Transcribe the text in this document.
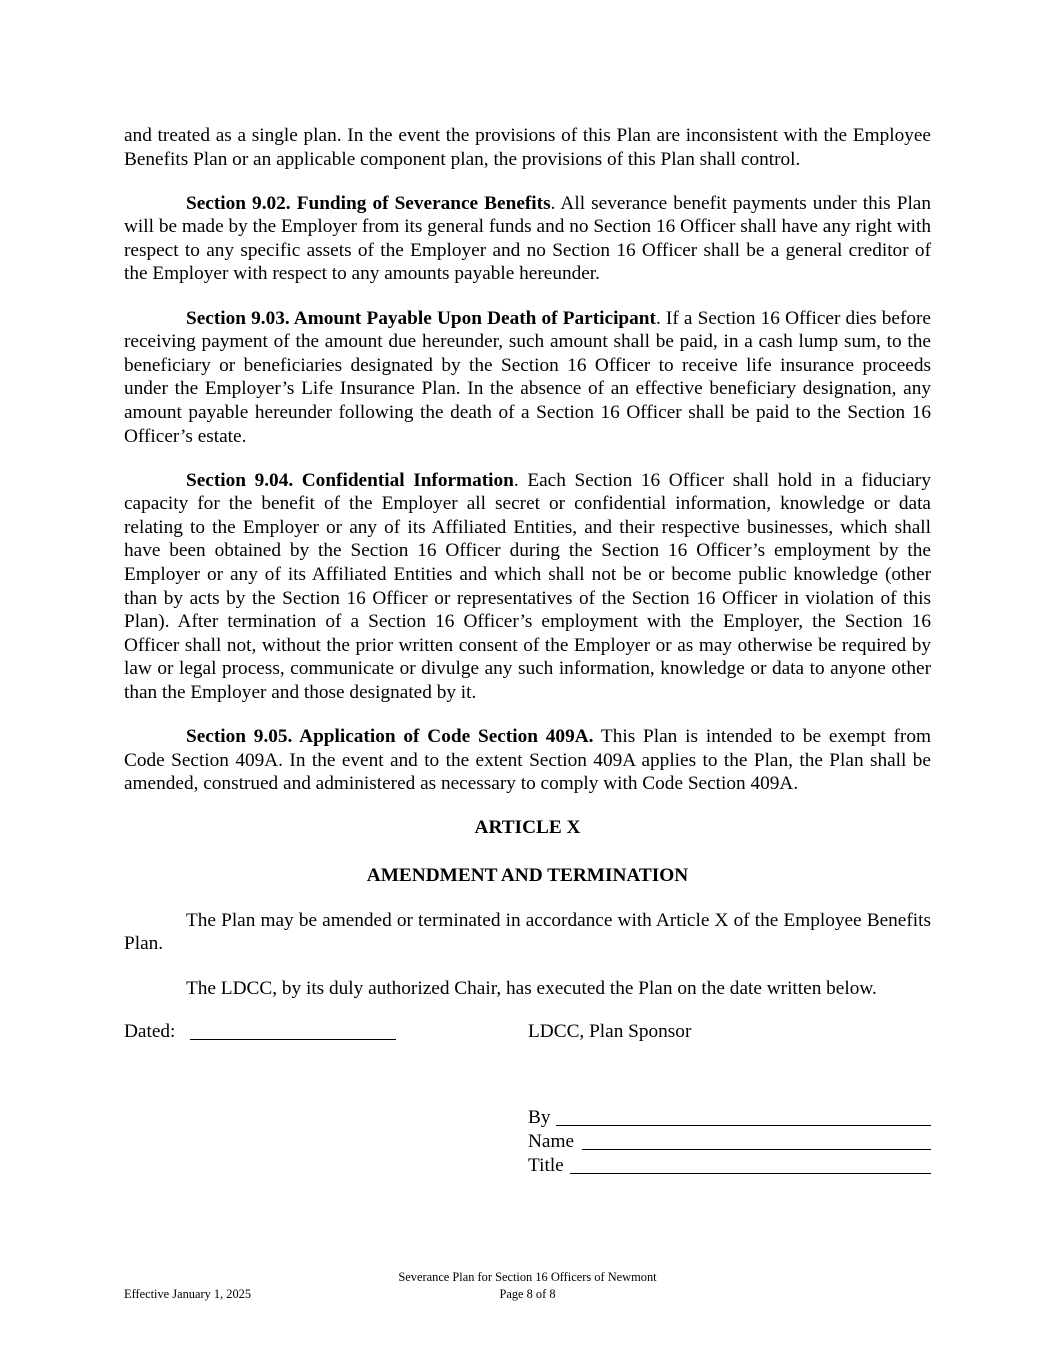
and treated as a single plan. In the event the provisions of this Plan are inconsistent with the Employee Benefits Plan or an applicable component plan, the provisions of this Plan shall control.

Section 9.02. Funding of Severance Benefits. All severance benefit payments under this Plan will be made by the Employer from its general funds and no Section 16 Officer shall have any right with respect to any specific assets of the Employer and no Section 16 Officer shall be a general creditor of the Employer with respect to any amounts payable hereunder.

Section 9.03. Amount Payable Upon Death of Participant. If a Section 16 Officer dies before receiving payment of the amount due hereunder, such amount shall be paid, in a cash lump sum, to the beneficiary or beneficiaries designated by the Section 16 Officer to receive life insurance proceeds under the Employer’s Life Insurance Plan. In the absence of an effective beneficiary designation, any amount payable hereunder following the death of a Section 16 Officer shall be paid to the Section 16 Officer’s estate.

Section 9.04. Confidential Information. Each Section 16 Officer shall hold in a fiduciary capacity for the benefit of the Employer all secret or confidential information, knowledge or data relating to the Employer or any of its Affiliated Entities, and their respective businesses, which shall have been obtained by the Section 16 Officer during the Section 16 Officer’s employment by the Employer or any of its Affiliated Entities and which shall not be or become public knowledge (other than by acts by the Section 16 Officer or representatives of the Section 16 Officer in violation of this Plan). After termination of a Section 16 Officer’s employment with the Employer, the Section 16 Officer shall not, without the prior written consent of the Employer or as may otherwise be required by law or legal process, communicate or divulge any such information, knowledge or data to anyone other than the Employer and those designated by it.

Section 9.05. Application of Code Section 409A. This Plan is intended to be exempt from Code Section 409A. In the event and to the extent Section 409A applies to the Plan, the Plan shall be amended, construed and administered as necessary to comply with Code Section 409A.

ARTICLE X

AMENDMENT AND TERMINATION

The Plan may be amended or terminated in accordance with Article X of the Employee Benefits Plan.

The LDCC, by its duly authorized Chair, has executed the Plan on the date written below.

Dated:	LDCC, Plan Sponsor
By
Name
Title
Severance Plan for Section 16 Officers of Newmont
Effective January 1, 2025	Page 8 of 8
